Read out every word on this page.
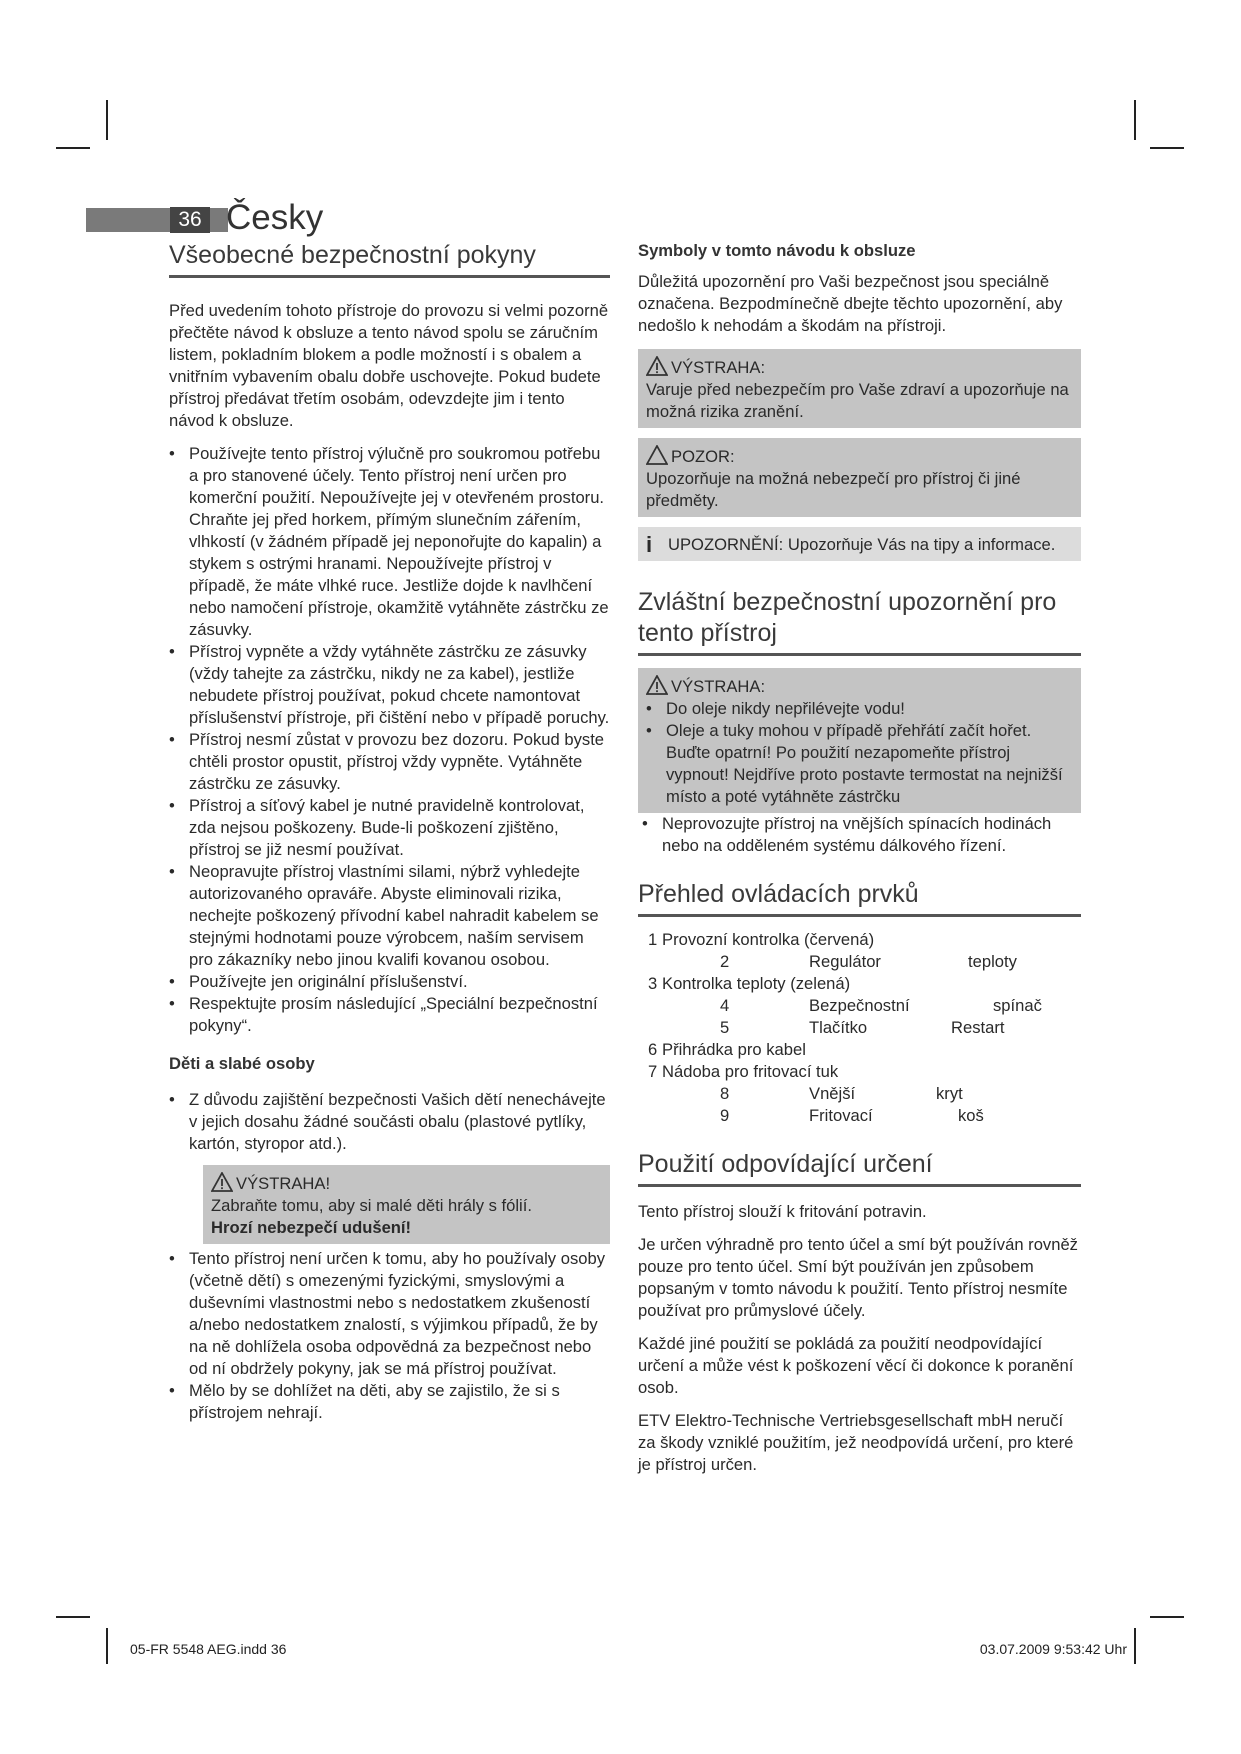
36 Česky
Všeobecné bezpečnostní pokyny

Před uvedením tohoto přístroje do provozu si velmi pozorně přečtěte návod k obsluze a tento návod spolu se záručním listem, pokladním blokem a podle možností i s obalem a vnitřním vybavením obalu dobře uschovejte. Pokud budete přístroj předávat třetím osobám, odevzdejte jim i tento návod k obsluze.

• Používejte tento přístroj výlučně pro soukromou potřebu a pro stanovené účely. Tento přístroj není určen pro komerční použití. Nepoužívejte jej v otevřeném prostoru. Chraňte jej před horkem, přímým slunečním zářením, vlhkostí (v žádném případě jej neponořujte do kapalin) a stykem s ostrými hranami. Nepoužívejte přístroj v případě, že máte vlhké ruce. Jestliže dojde k navlhčení nebo namočení přístroje, okamžitě vytáhněte zástrčku ze zásuvky.
• Přístroj vypněte a vždy vytáhněte zástrčku ze zásuvky (vždy tahejte za zástrčku, nikdy ne za kabel), jestliže nebudete přístroj používat, pokud chcete namontovat příslušenství přístroje, při čištění nebo v případě poruchy.
• Přístroj nesmí zůstat v provozu bez dozoru. Pokud byste chtěli prostor opustit, přístroj vždy vypněte. Vytáhněte zástrčku ze zásuvky.
• Přístroj a síťový kabel je nutné pravidelně kontrolovat, zda nejsou poškozeny. Bude-li poškození zjištěno, přístroj se již nesmí používat.
• Neopravujte přístroj vlastními silami, nýbrž vyhledejte autorizovaného opraváře. Abyste eliminovali rizika, nechejte poškozený přívodní kabel nahradit kabelem se stejnými hodnotami pouze výrobcem, naším servisem pro zákazníky nebo jinou kvalifi kovanou osobou.
• Používejte jen originální příslušenství.
• Respektujte prosím následující „Speciální bezpečnostní pokyny“.

Děti a slabé osoby

• Z důvodu zajištění bezpečnosti Vašich dětí nenechávejte v jejich dosahu žádné součásti obalu (plastové pytlíky, kartón, styropor atd.).
VÝSTRAHA!
Zabraňte tomu, aby si malé děti hrály s fólií.
Hrozí nebezpečí udušení!
• Tento přístroj není určen k tomu, aby ho používaly osoby (včetně dětí) s omezenými fyzickými, smyslovými a duševními vlastnostmi nebo s nedostatkem zkušeností a/nebo nedostatkem znalostí, s výjimkou případů, že by na ně dohlížela osoba odpovědná za bezpečnost nebo od ní obdržely pokyny, jak se má přístroj používat.
• Mělo by se dohlížet na děti, aby se zajistilo, že si s přístrojem nehrají.

Symboly v tomto návodu k obsluze

Důležitá upozornění pro Vaši bezpečnost jsou speciálně označena. Bezpodmínečně dbejte těchto upozornění, aby nedošlo k nehodám a škodám na přístroji.

VÝSTRAHA:
Varuje před nebezpečím pro Vaše zdraví a upozorňuje na možná rizika zranění.
POZOR:
Upozorňuje na možná nebezpečí pro přístroj či jiné předměty.
i UPOZORNĚNÍ: Upozorňuje Vás na tipy a informace.
Zvláštní bezpečnostní upozornění pro tento přístroj
VÝSTRAHA:
• Do oleje nikdy nepřilévejte vodu!
• Oleje a tuky mohou v případě přehřátí začít hořet. Buďte opatrní! Po použití nezapomeňte přístroj vypnout! Nejdříve proto postavte termostat na nejnižší místo a poté vytáhněte zástrčku
• Neprovozujte přístroj na vnějších spínacích hodinách nebo na odděleném systému dálkového řízení.
Přehled ovládacích prvků
1 Provozní kontrolka (červená)
2	Regulátor	teploty
3 Kontrolka teploty (zelená)
4	Bezpečnostní	spínač
5	Tlačítko	Restart
6 Přihrádka pro kabel
7 Nádoba pro fritovací tuk
8	Vnější	kryt
9	Fritovací	koš
Použití odpovídající určení

Tento přístroj slouží k fritování potravin.

Je určen výhradně pro tento účel a smí být používán rovněž pouze pro tento účel. Smí být používán jen způsobem popsaným v tomto návodu k použití. Tento přístroj nesmíte používat pro průmyslové účely.

Každé jiné použití se pokládá za použití neodpovídající určení a může vést k poškození věcí či dokonce k poranění osob.

ETV Elektro-Technische Vertriebsgesellschaft mbH neručí za škody vzniklé použitím, jež neodpovídá určení, pro které je přístroj určen.

05-FR 5548 AEG.indd 36	03.07.2009 9:53:42 Uhr
